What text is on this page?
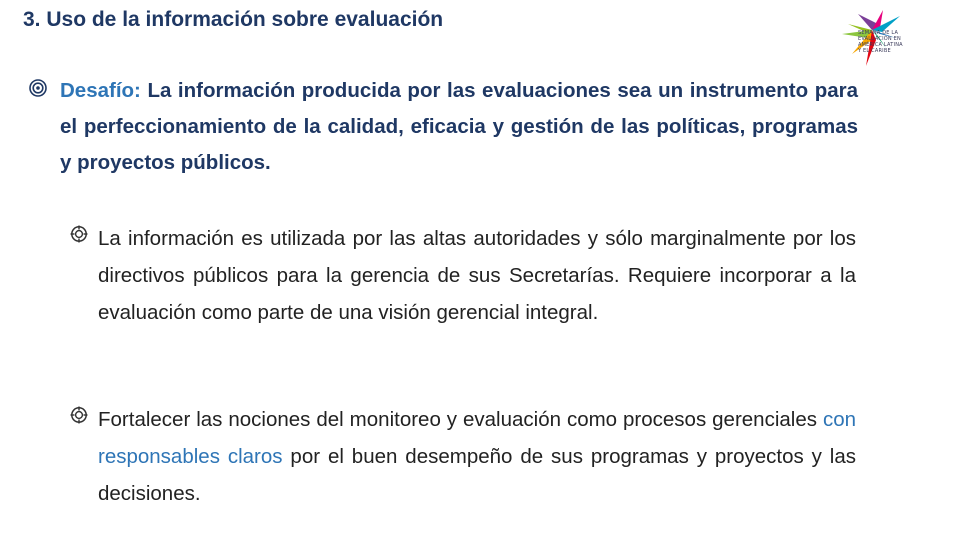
3. Uso de la información sobre evaluación
SEMANA DE LA
EVALUACIÓN EN
AMÉRICA LATINA
Y EL CARIBE
Desafío: La información producida por las evaluaciones sea un instrumento para el perfeccionamiento de la calidad, eficacia y gestión de las políticas, programas y proyectos públicos.
La información es utilizada por las altas autoridades y sólo marginalmente por los directivos públicos para la gerencia de sus Secretarías. Requiere incorporar a la evaluación como parte de una visión gerencial integral.
Fortalecer las nociones del monitoreo y evaluación como procesos gerenciales con responsables claros por el buen desempeño de sus programas y proyectos y las decisiones.
